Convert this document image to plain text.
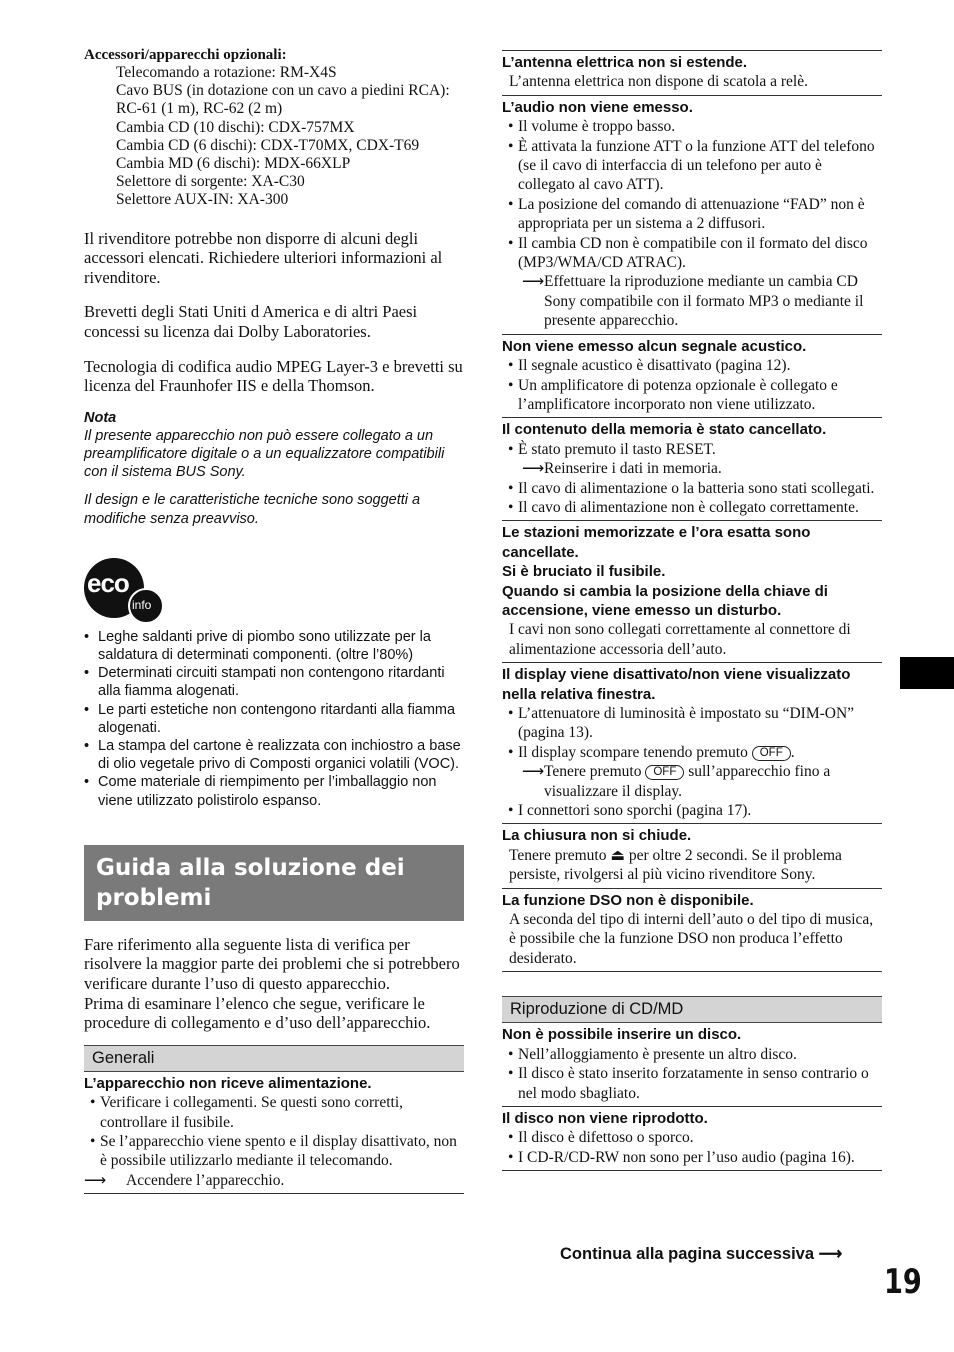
Accessori/apparecchi opzionali:
Telecomando a rotazione: RM-X4S
Cavo BUS (in dotazione con un cavo a piedini RCA):
RC-61 (1 m), RC-62 (2 m)
Cambia CD (10 dischi): CDX-757MX
Cambia CD (6 dischi): CDX-T70MX, CDX-T69
Cambia MD (6 dischi): MDX-66XLP
Selettore di sorgente: XA-C30
Selettore AUX-IN: XA-300

Il rivenditore potrebbe non disporre di alcuni degli accessori elencati. Richiedere ulteriori informazioni al rivenditore.

Brevetti degli Stati Uniti d America e di altri Paesi concessi su licenza dai Dolby Laboratories.

Tecnologia di codifica audio MPEG Layer-3 e brevetti su licenza del Fraunhofer IIS e della Thomson.

Nota

Il presente apparecchio non può essere collegato a un preamplificatore digitale o a un equalizzatore compatibili con il sistema BUS Sony.

Il design e le caratteristiche tecniche sono soggetti a modifiche senza preavviso.

eco
info
• Leghe saldanti prive di piombo sono utilizzate per la saldatura di determinati componenti. (oltre l’80%)
• Determinati circuiti stampati non contengono ritardanti alla fiamma alogenati.
• Le parti estetiche non contengono ritardanti alla fiamma alogenati.
• La stampa del cartone è realizzata con inchiostro a base di olio vegetale privo di Composti organici volatili (VOC).
• Come materiale di riempimento per l’imballaggio non viene utilizzato polistirolo espanso.
Guida alla soluzione dei problemi

Fare riferimento alla seguente lista di verifica per risolvere la maggior parte dei problemi che si potrebbero verificare durante l’uso di questo apparecchio.

Prima di esaminare l’elenco che segue, verificare le procedure di collegamento e d’uso dell’apparecchio.

Generali
L’apparecchio non riceve alimentazione.
• Verificare i collegamenti. Se questi sono corretti, controllare il fusibile.
• Se l’apparecchio viene spento e il display disattivato, non è possibile utilizzarlo mediante il telecomando.
⟶ Accendere l’apparecchio.
L’antenna elettrica non si estende.
L’antenna elettrica non dispone di scatola a relè.
L’audio non viene emesso.
• Il volume è troppo basso.
• È attivata la funzione ATT o la funzione ATT del telefono (se il cavo di interfaccia di un telefono per auto è collegato al cavo ATT).
• La posizione del comando di attenuazione “FAD” non è appropriata per un sistema a 2 diffusori.
• Il cambia CD non è compatibile con il formato del disco (MP3/WMA/CD ATRAC).
⟶ Effettuare la riproduzione mediante un cambia CD Sony compatibile con il formato MP3 o mediante il presente apparecchio.
Non viene emesso alcun segnale acustico.
• Il segnale acustico è disattivato (pagina 12).
• Un amplificatore di potenza opzionale è collegato e l’amplificatore incorporato non viene utilizzato.
Il contenuto della memoria è stato cancellato.
• È stato premuto il tasto RESET.
⟶ Reinserire i dati in memoria.
• Il cavo di alimentazione o la batteria sono stati scollegati.
• Il cavo di alimentazione non è collegato correttamente.
Le stazioni memorizzate e l’ora esatta sono cancellate.
Si è bruciato il fusibile.
Quando si cambia la posizione della chiave di accensione, viene emesso un disturbo.
I cavi non sono collegati correttamente al connettore di alimentazione accessoria dell’auto.
Il display viene disattivato/non viene visualizzato nella relativa finestra.
• L’attenuatore di luminosità è impostato su “DIM-ON” (pagina 13).
• Il display scompare tenendo premuto OFF .
⟶ Tenere premuto OFF sull’apparecchio fino a visualizzare il display.
• I connettori sono sporchi (pagina 17).
La chiusura non si chiude.
Tenere premuto ⏏ per oltre 2 secondi. Se il problema persiste, rivolgersi al più vicino rivenditore Sony.
La funzione DSO non è disponibile.
A seconda del tipo di interni dell’auto o del tipo di musica, è possibile che la funzione DSO non produca l’effetto desiderato.
Riproduzione di CD/MD
Non è possibile inserire un disco.
• Nell’alloggiamento è presente un altro disco.
• Il disco è stato inserito forzatamente in senso contrario o nel modo sbagliato.
Il disco non viene riprodotto.
• Il disco è difettoso o sporco.
• I CD-R/CD-RW non sono per l’uso audio (pagina 16).
Continua alla pagina successiva ⟶
19
